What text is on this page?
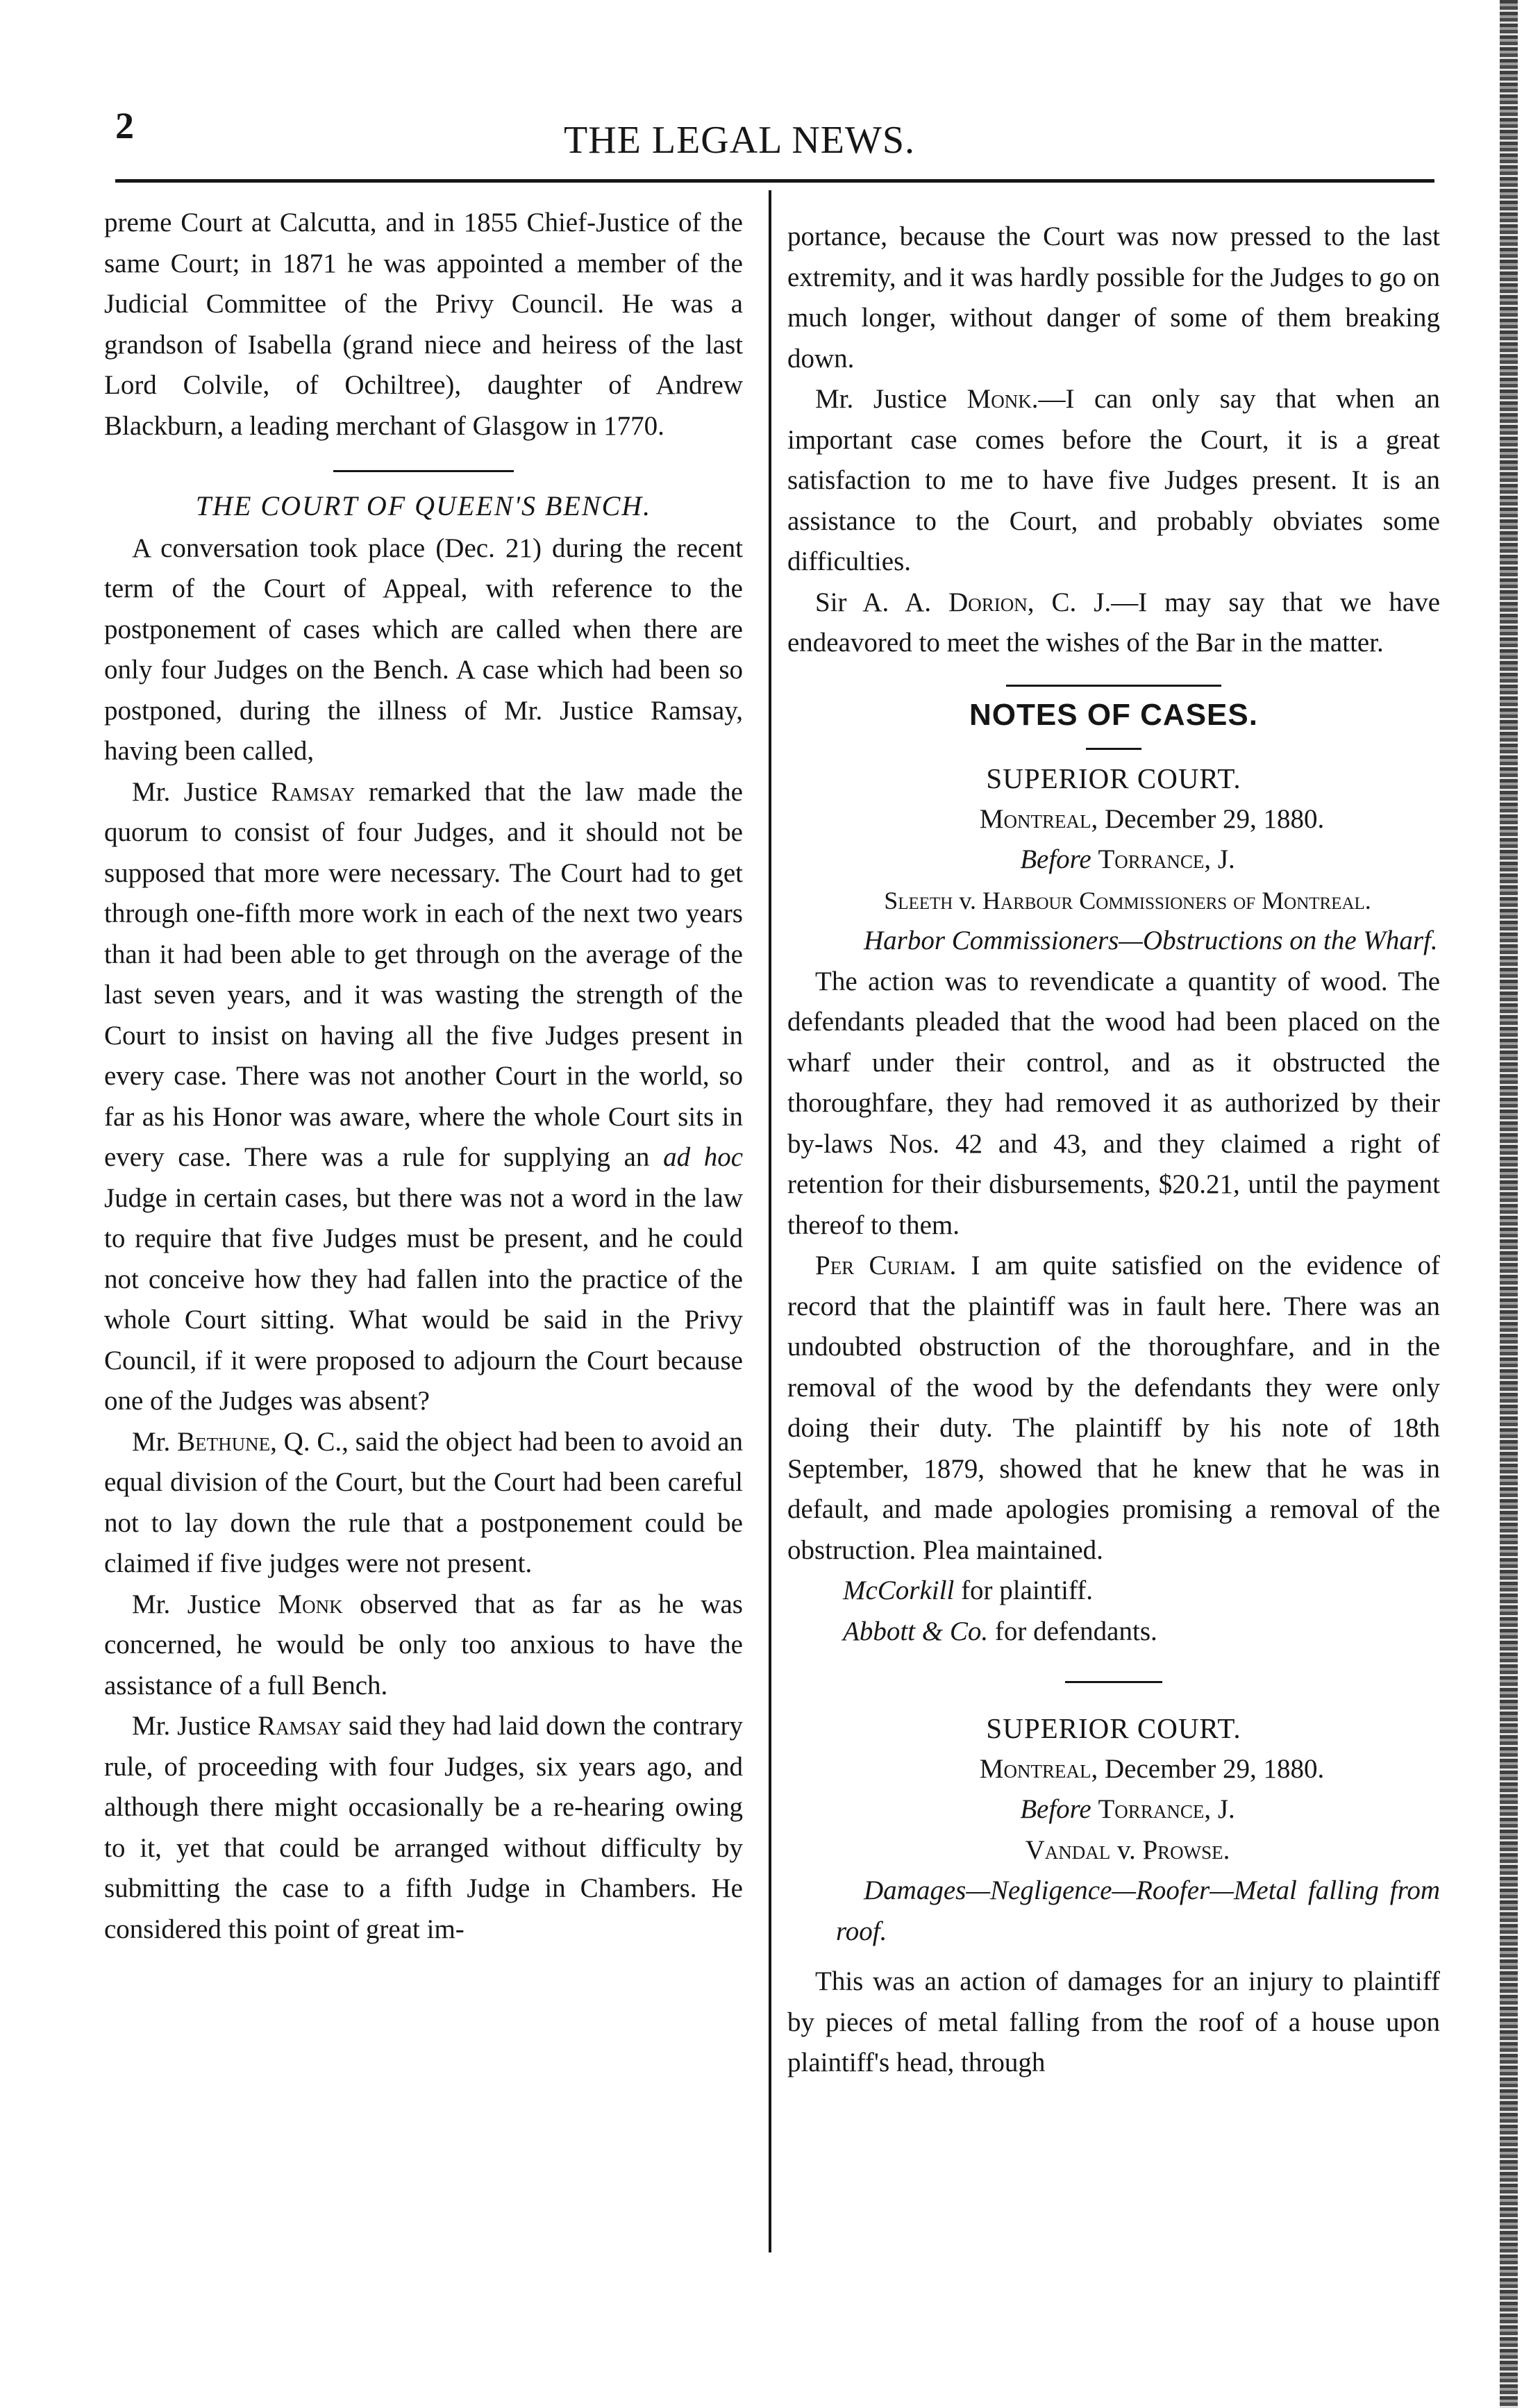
2	THE LEGAL NEWS.

preme Court at Calcutta, and in 1855 Chief-Justice of the same Court; in 1871 he was appointed a member of the Judicial Committee of the Privy Council. He was a grandson of Isabella (grand niece and heiress of the last Lord Colvile, of Ochiltree), daughter of Andrew Blackburn, a leading merchant of Glasgow in 1770.

THE COURT OF QUEEN'S BENCH.

A conversation took place (Dec. 21) during the recent term of the Court of Appeal, with reference to the postponement of cases which are called when there are only four Judges on the Bench. A case which had been so postponed, during the illness of Mr. Justice Ramsay, having been called,

Mr. Justice Ramsay remarked that the law made the quorum to consist of four Judges, and it should not be supposed that more were necessary. The Court had to get through one-fifth more work in each of the next two years than it had been able to get through on the average of the last seven years, and it was wasting the strength of the Court to insist on having all the five Judges present in every case. There was not another Court in the world, so far as his Honor was aware, where the whole Court sits in every case. There was a rule for supplying an ad hoc Judge in certain cases, but there was not a word in the law to require that five Judges must be present, and he could not conceive how they had fallen into the practice of the whole Court sitting. What would be said in the Privy Council, if it were proposed to adjourn the Court because one of the Judges was absent?

Mr. Bethune, Q. C., said the object had been to avoid an equal division of the Court, but the Court had been careful not to lay down the rule that a postponement could be claimed if five judges were not present.

Mr. Justice Monk observed that as far as he was concerned, he would be only too anxious to have the assistance of a full Bench.

Mr. Justice Ramsay said they had laid down the contrary rule, of proceeding with four Judges, six years ago, and although there might occasionally be a re-hearing owing to it, yet that could be arranged without difficulty by submitting the case to a fifth Judge in Chambers. He considered this point of great im-

portance, because the Court was now pressed to the last extremity, and it was hardly possible for the Judges to go on much longer, without danger of some of them breaking down.

Mr. Justice Monk.—I can only say that when an important case comes before the Court, it is a great satisfaction to me to have five Judges present. It is an assistance to the Court, and probably obviates some difficulties.

Sir A. A. Dorion, C. J.—I may say that we have endeavored to meet the wishes of the Bar in the matter.

NOTES OF CASES.
SUPERIOR COURT.

Montreal, December 29, 1880.

Before Torrance, J.

Sleeth v. Harbour Commissioners of Montreal.

Harbor Commissioners—Obstructions on the Wharf.

The action was to revendicate a quantity of wood. The defendants pleaded that the wood had been placed on the wharf under their control, and as it obstructed the thoroughfare, they had removed it as authorized by their by-laws Nos. 42 and 43, and they claimed a right of retention for their disbursements, $20.21, until the payment thereof to them.

Per Curiam. I am quite satisfied on the evidence of record that the plaintiff was in fault here. There was an undoubted obstruction of the thoroughfare, and in the removal of the wood by the defendants they were only doing their duty. The plaintiff by his note of 18th September, 1879, showed that he knew that he was in default, and made apologies promising a removal of the obstruction. Plea maintained.

McCorkill for plaintiff.

Abbott & Co. for defendants.

SUPERIOR COURT.

Montreal, December 29, 1880.

Before Torrance, J.

Vandal v. Prowse.

Damages—Negligence—Roofer—Metal falling from roof.

This was an action of damages for an injury to plaintiff by pieces of metal falling from the roof of a house upon plaintiff's head, through
